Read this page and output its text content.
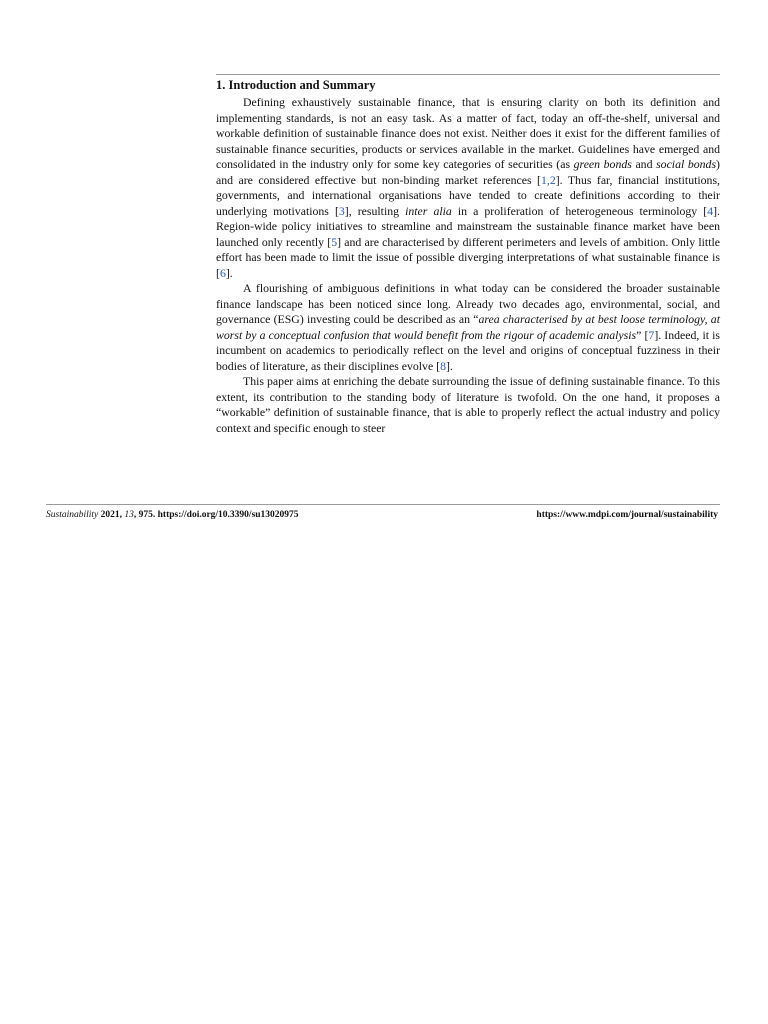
1. Introduction and Summary

Defining exhaustively sustainable finance, that is ensuring clarity on both its definition and implementing standards, is not an easy task. As a matter of fact, today an off-the-shelf, universal and workable definition of sustainable finance does not exist. Neither does it exist for the different families of sustainable finance securities, products or services available in the market. Guidelines have emerged and consolidated in the industry only for some key categories of securities (as green bonds and social bonds) and are considered effective but non-binding market references [1,2]. Thus far, financial institutions, governments, and international organisations have tended to create definitions according to their underlying motivations [3], resulting inter alia in a proliferation of heterogeneous terminology [4]. Region-wide policy initiatives to streamline and mainstream the sustainable finance market have been launched only recently [5] and are characterised by different perimeters and levels of ambition. Only little effort has been made to limit the issue of possible diverging interpretations of what sustainable finance is [6].

A flourishing of ambiguous definitions in what today can be considered the broader sustainable finance landscape has been noticed since long. Already two decades ago, environmental, social, and governance (ESG) investing could be described as an “area characterised by at best loose terminology, at worst by a conceptual confusion that would benefit from the rigour of academic analysis” [7]. Indeed, it is incumbent on academics to periodically reflect on the level and origins of conceptual fuzziness in their bodies of literature, as their disciplines evolve [8].

This paper aims at enriching the debate surrounding the issue of defining sustainable finance. To this extent, its contribution to the standing body of literature is twofold. On the one hand, it proposes a “workable” definition of sustainable finance, that is able to properly reflect the actual industry and policy context and specific enough to steer

Sustainability 2021, 13, 975. https://doi.org/10.3390/su13020975	https://www.mdpi.com/journal/sustainability
